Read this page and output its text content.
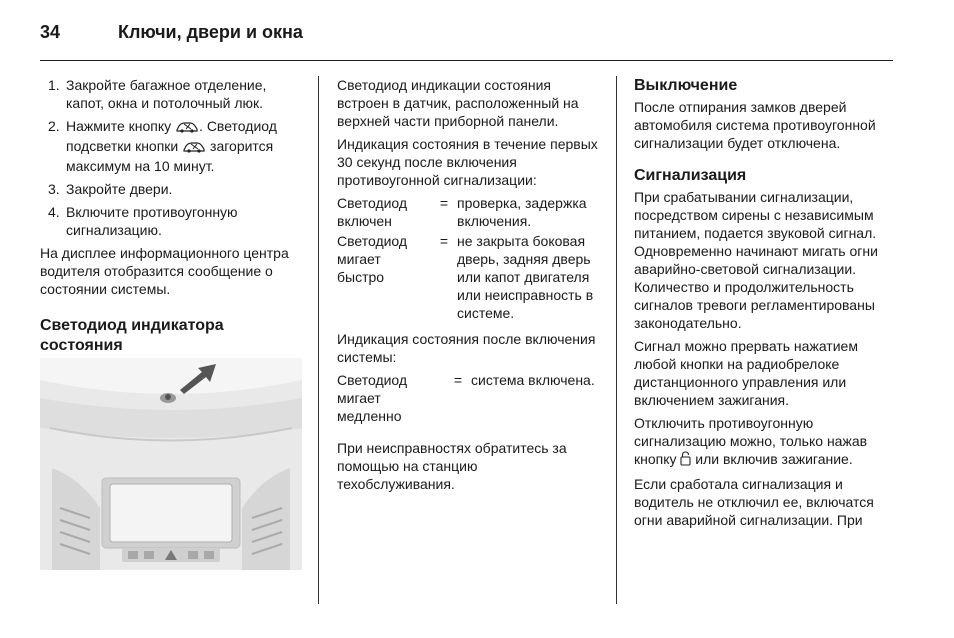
34	Ключи, двери и окна
1. Закройте багажное отделение, капот, окна и потолочный люк.
2. Нажмите кнопку . Светодиод подсветки кнопки загорится максимум на 10 минут.
3. Закройте двери.
4. Включите противоугонную сигнализацию.

На дисплее информационного центра водителя отобразится сообщение о состоянии системы.

Светодиод индикатора состояния

Светодиод индикации состояния встроен в датчик, расположенный на верхней части приборной панели.

Индикация состояния в течение первых 30 секунд после включения противоугонной сигнализации:

Светодиод включен
= проверка, задержка включения.
Светодиод мигает быстро
= не закрыта боковая дверь, задняя дверь или капот двигателя или неисправность в системе.

Индикация состояния после включения системы:

Светодиод мигает медленно
= система включена.

При неисправностях обратитесь за помощью на станцию техобслуживания.

Выключение

После отпирания замков дверей автомобиля система противоугонной сигнализации будет отключена.

Сигнализация

При срабатывании сигнализации, посредством сирены с независимым питанием, подается звуковой сигнал. Одновременно начинают мигать огни аварийно-световой сигнализации. Количество и продолжительность сигналов тревоги регламентированы законодательно.

Сигнал можно прервать нажатием любой кнопки на радиобрелоке дистанционного управления или включением зажигания.

Отключить противоугонную сигнализацию можно, только нажав кнопку или включив зажигание.

Если сработала сигнализация и водитель не отключил ее, включатся огни аварийной сигнализации. При
